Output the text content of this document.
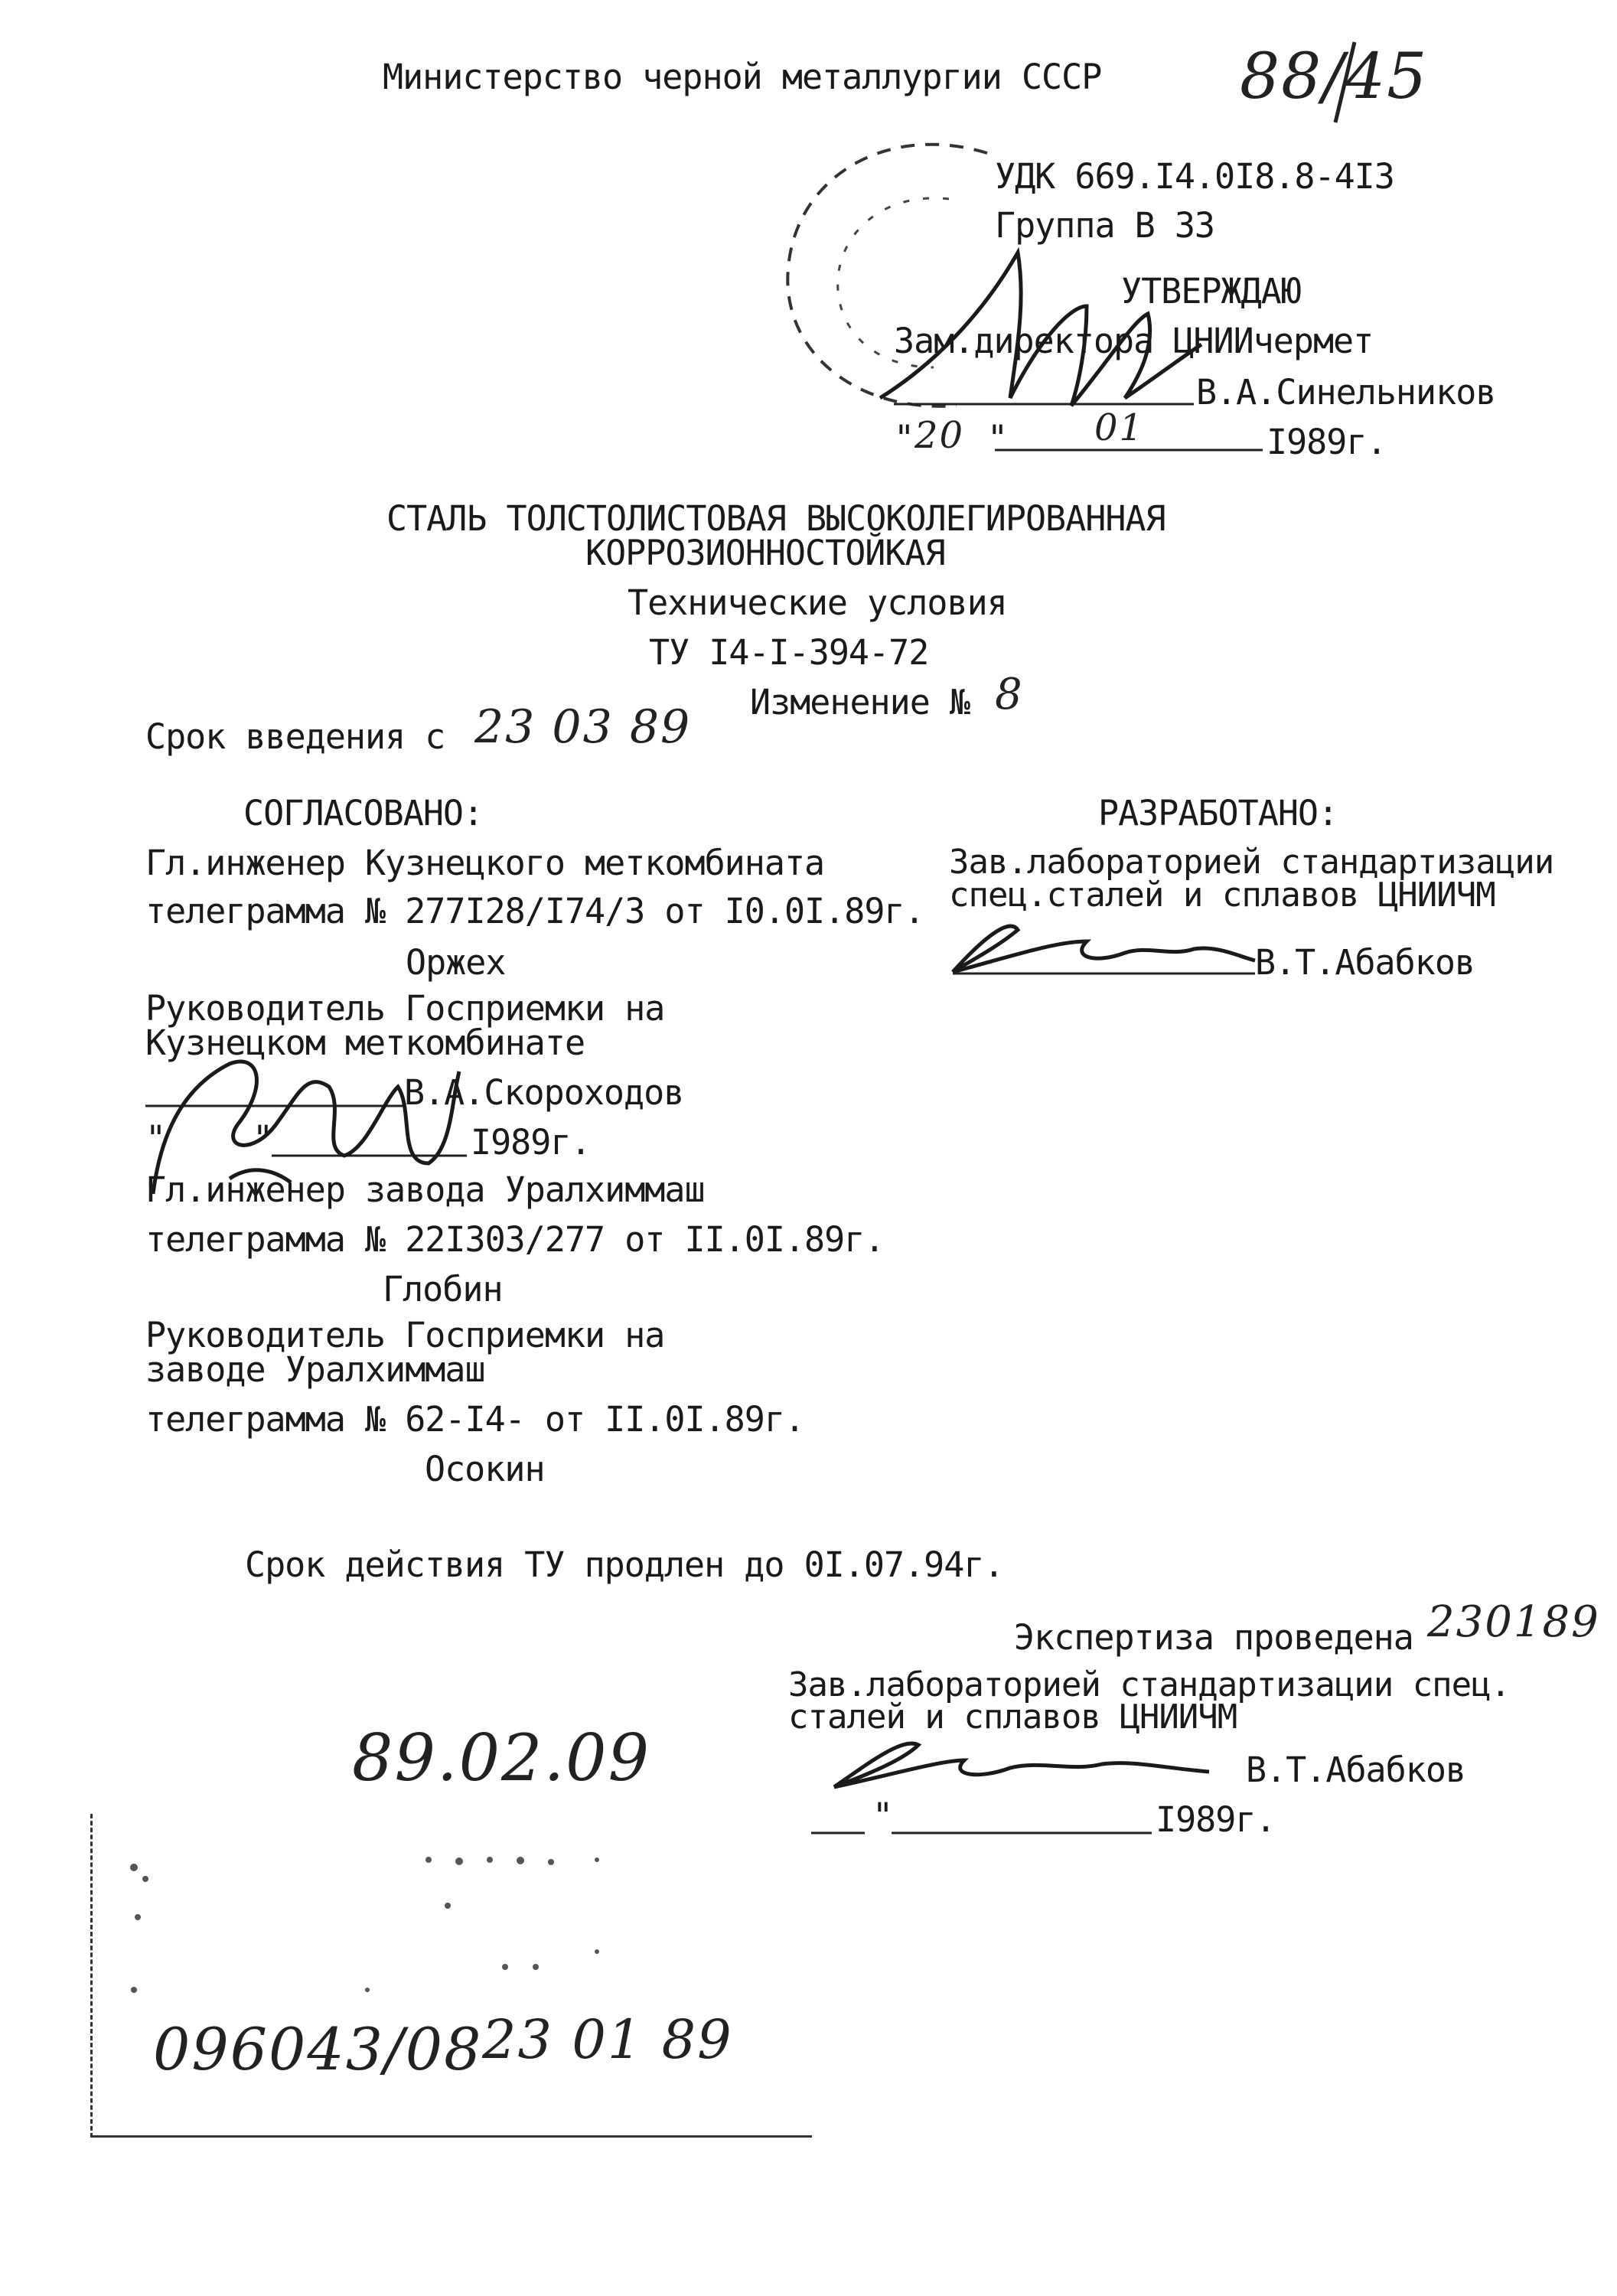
Министерство черной металлургии СССР 88/45
УДК 669.I4.0I8.8-4I3
Группа В 33
УТВЕРЖДАЮ
Зам.директора ЦНИИчермет
В.А.Синельников
" 20 " 01	I989г.
СТАЛЬ ТОЛСТОЛИСТОВАЯ ВЫСОКОЛЕГИРОВАННАЯ
КОРРОЗИОННОСТОЙКАЯ
Технические условия
ТУ I4-I-394-72
Изменение № 8
Срок введения с 23 03 89
СОГЛАСОВАНО:
Гл.инженер Кузнецкого меткомбината
телеграмма № 277I28/I74/3 от I0.0I.89г.
Оржех
Руководитель Госприемки на
Кузнецком меткомбинате
В.А.Скороходов
"	"	I989г.
Гл.инженер завода Уралхиммаш
телеграмма № 22I303/277 от II.0I.89г.
Глобин
Руководитель Госприемки на
заводе Уралхиммаш
телеграмма № 62-I4- от II.0I.89г.
Осокин
РАЗРАБОТАНО:
Зав.лабораторией стандартизации
спец.сталей и сплавов ЦНИИЧМ
В.Т.Абабков
Срок действия ТУ продлен до 0I.07.94г.
Экспертиза проведена 230189
Зав.лабораторией стандартизации спец.
сталей и сплавов ЦНИИЧМ
В.Т.Абабков
"	I989г.
89.02.09
096043/08 23 01 89
